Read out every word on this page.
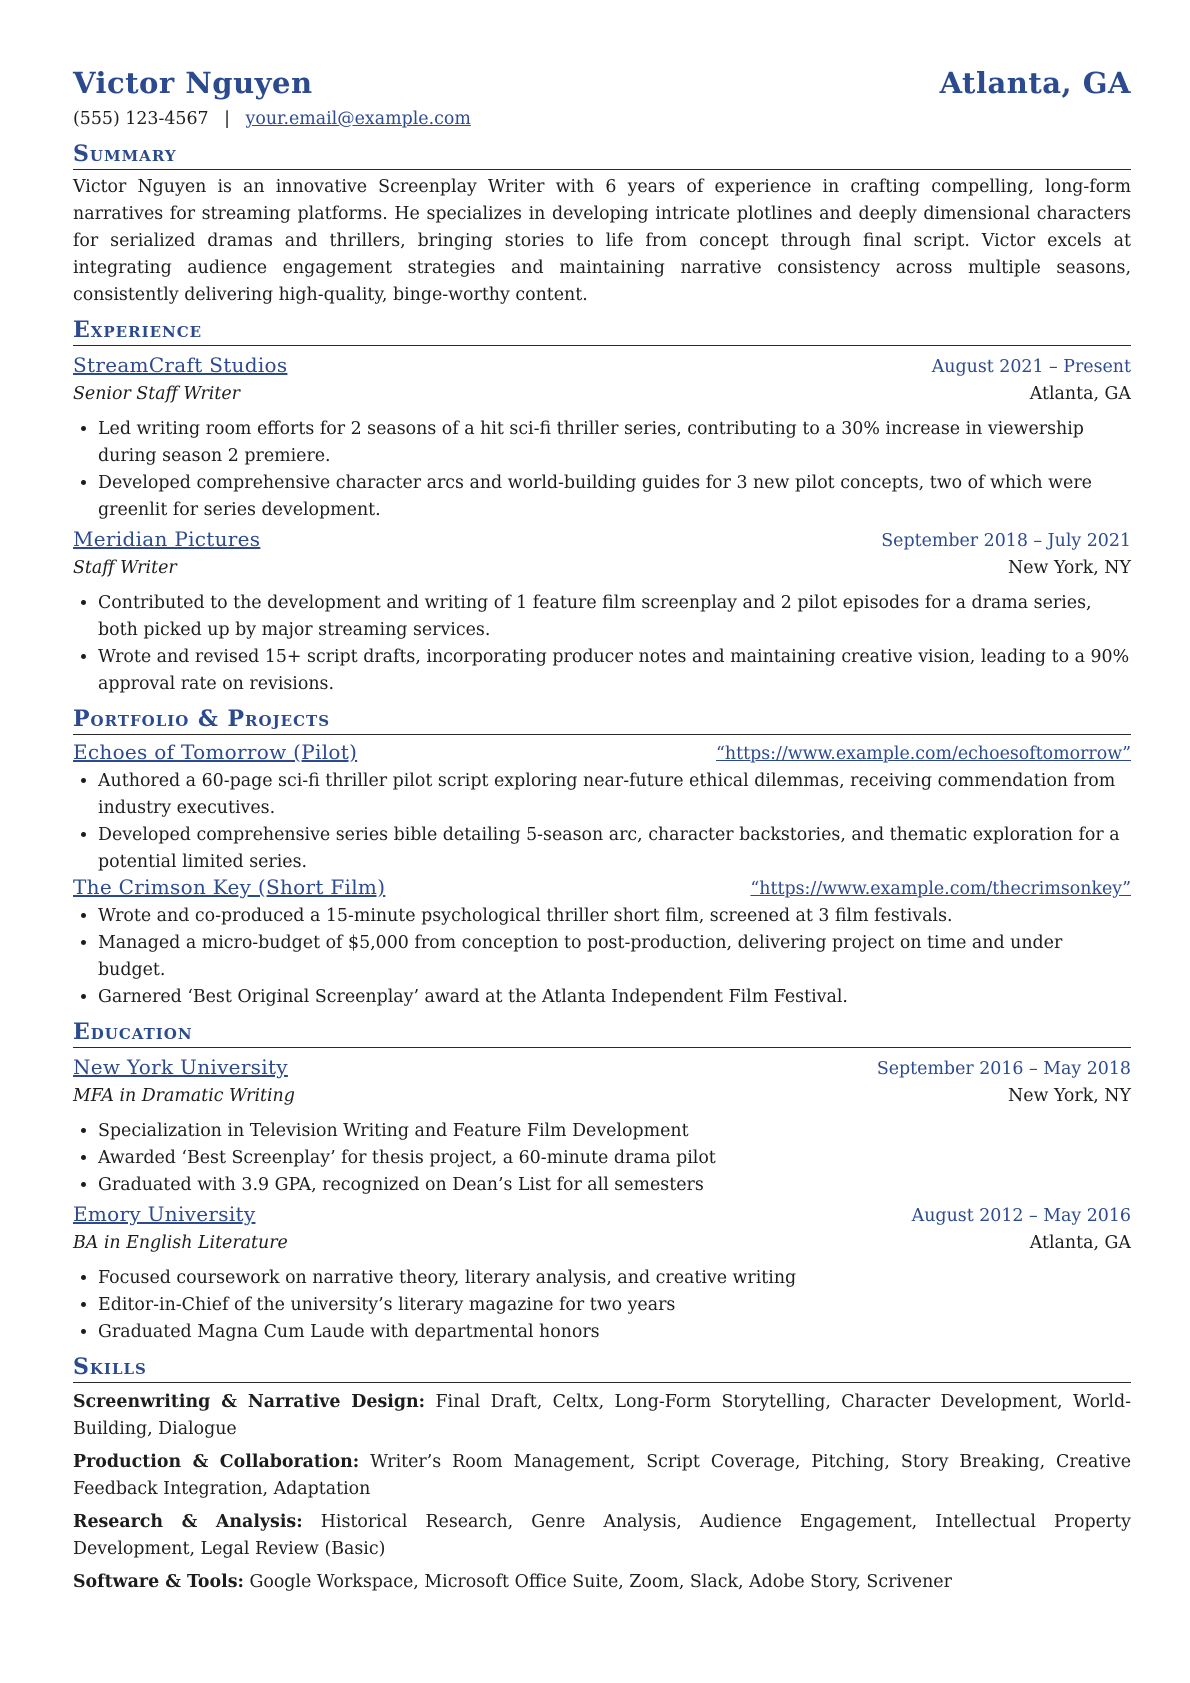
Victor Nguyen	Atlanta, GA
(555) 123-4567 | your.email@example.com
Summary
Victor Nguyen is an innovative Screenplay Writer with 6 years of experience in crafting compelling, long-form narratives for streaming platforms. He specializes in developing intricate plotlines and deeply dimensional characters for serialized dramas and thrillers, bringing stories to life from concept through final script. Victor excels at integrating audience engagement strategies and maintaining narrative consistency across multiple seasons, consistently delivering high-quality, binge-worthy content.
Experience
StreamCraft Studios	August 2021 – Present
Senior Staff Writer	Atlanta, GA
• Led writing room efforts for 2 seasons of a hit sci-fi thriller series, contributing to a 30% increase in viewership during season 2 premiere.
• Developed comprehensive character arcs and world-building guides for 3 new pilot concepts, two of which were greenlit for series development.
Meridian Pictures	September 2018 – July 2021
Staff Writer	New York, NY
• Contributed to the development and writing of 1 feature film screenplay and 2 pilot episodes for a drama series, both picked up by major streaming services.
• Wrote and revised 15+ script drafts, incorporating producer notes and maintaining creative vision, leading to a 90% approval rate on revisions.
Portfolio & Projects
Echoes of Tomorrow (Pilot)	“https://www.example.com/echoesoftomorrow”
• Authored a 60-page sci-fi thriller pilot script exploring near-future ethical dilemmas, receiving commendation from industry executives.
• Developed comprehensive series bible detailing 5-season arc, character backstories, and thematic exploration for a potential limited series.
The Crimson Key (Short Film)	“https://www.example.com/thecrimsonkey”
• Wrote and co-produced a 15-minute psychological thriller short film, screened at 3 film festivals.
• Managed a micro-budget of $5,000 from conception to post-production, delivering project on time and under budget.
• Garnered ‘Best Original Screenplay’ award at the Atlanta Independent Film Festival.
Education
New York University	September 2016 – May 2018
MFA in Dramatic Writing	New York, NY
• Specialization in Television Writing and Feature Film Development
• Awarded ‘Best Screenplay’ for thesis project, a 60-minute drama pilot
• Graduated with 3.9 GPA, recognized on Dean’s List for all semesters
Emory University	August 2012 – May 2016
BA in English Literature	Atlanta, GA
• Focused coursework on narrative theory, literary analysis, and creative writing
• Editor-in-Chief of the university’s literary magazine for two years
• Graduated Magna Cum Laude with departmental honors
Skills
Screenwriting & Narrative Design: Final Draft, Celtx, Long-Form Storytelling, Character Development, World-Building, Dialogue
Production & Collaboration: Writer’s Room Management, Script Coverage, Pitching, Story Breaking, Creative Feedback Integration, Adaptation
Research & Analysis: Historical Research, Genre Analysis, Audience Engagement, Intellectual Property Development, Legal Review (Basic)
Software & Tools: Google Workspace, Microsoft Office Suite, Zoom, Slack, Adobe Story, Scrivener
